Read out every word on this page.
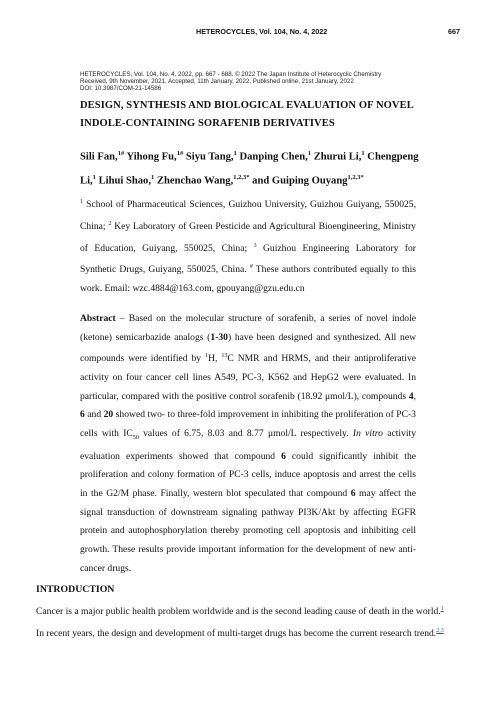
HETEROCYCLES, Vol. 104, No. 4, 2022	667
HETEROCYCLES, Vol. 104, No. 4, 2022, pp. 667 - 688. © 2022 The Japan Institute of Heterocyclic Chemistry
Received, 9th November, 2021, Accepted, 11th January, 2022, Published online, 21st January, 2022
DOI: 10.3987/COM-21-14586
DESIGN, SYNTHESIS AND BIOLOGICAL EVALUATION OF NOVEL
INDOLE-CONTAINING SORAFENIB DERIVATIVES
Sili Fan,$^{1\#}$ Yihong Fu,$^{1\#}$ Siyu Tang,$^1$ Danping Chen,$^1$ Zhurui Li,$^1$ Chengpeng Li,$^1$ Lihui Shao,$^1$ Zhenchao Wang,$^{1,2,3*}$ and Guiping Ouyang$^{1,2,3*}$
$^1$ School of Pharmaceutical Sciences, Guizhou University, Guizhou Guiyang, 550025, China; $^2$ Key Laboratory of Green Pesticide and Agricultural Bioengineering, Ministry of Education, Guiyang, 550025, China; $^3$ Guizhou Engineering Laboratory for Synthetic Drugs, Guiyang, 550025, China. # These authors contributed equally to this work. Email: wzc.4884@163.com, gpouyang@gzu.edu.cn
Abstract – Based on the molecular structure of sorafenib, a series of novel indole (ketone) semicarbazide analogs (1-30) have been designed and synthesized. All new compounds were identified by $^1$H, $^{13}$C NMR and HRMS, and their antiproliferative activity on four cancer cell lines A549, PC-3, K562 and HepG2 were evaluated. In particular, compared with the positive control sorafenib (18.92 μmol/L), compounds 4, 6 and 20 showed two- to three-fold improvement in inhibiting the proliferation of PC-3 cells with $IC_{50}$ values of 6.75, 8.03 and 8.77 μmol/L respectively. In vitro activity evaluation experiments showed that compound 6 could significantly inhibit the proliferation and colony formation of PC-3 cells, induce apoptosis and arrest the cells in the G2/M phase. Finally, western blot speculated that compound 6 may affect the signal transduction of downstream signaling pathway PI3K/Akt by affecting EGFR protein and autophosphorylation thereby promoting cell apoptosis and inhibiting cell growth. These results provide important information for the development of new anti-cancer drugs.
INTRODUCTION
Cancer is a major public health problem worldwide and is the second leading cause of death in the world.$^1$
In recent years, the design and development of multi-target drugs has become the current research trend.$^{2,3}$
